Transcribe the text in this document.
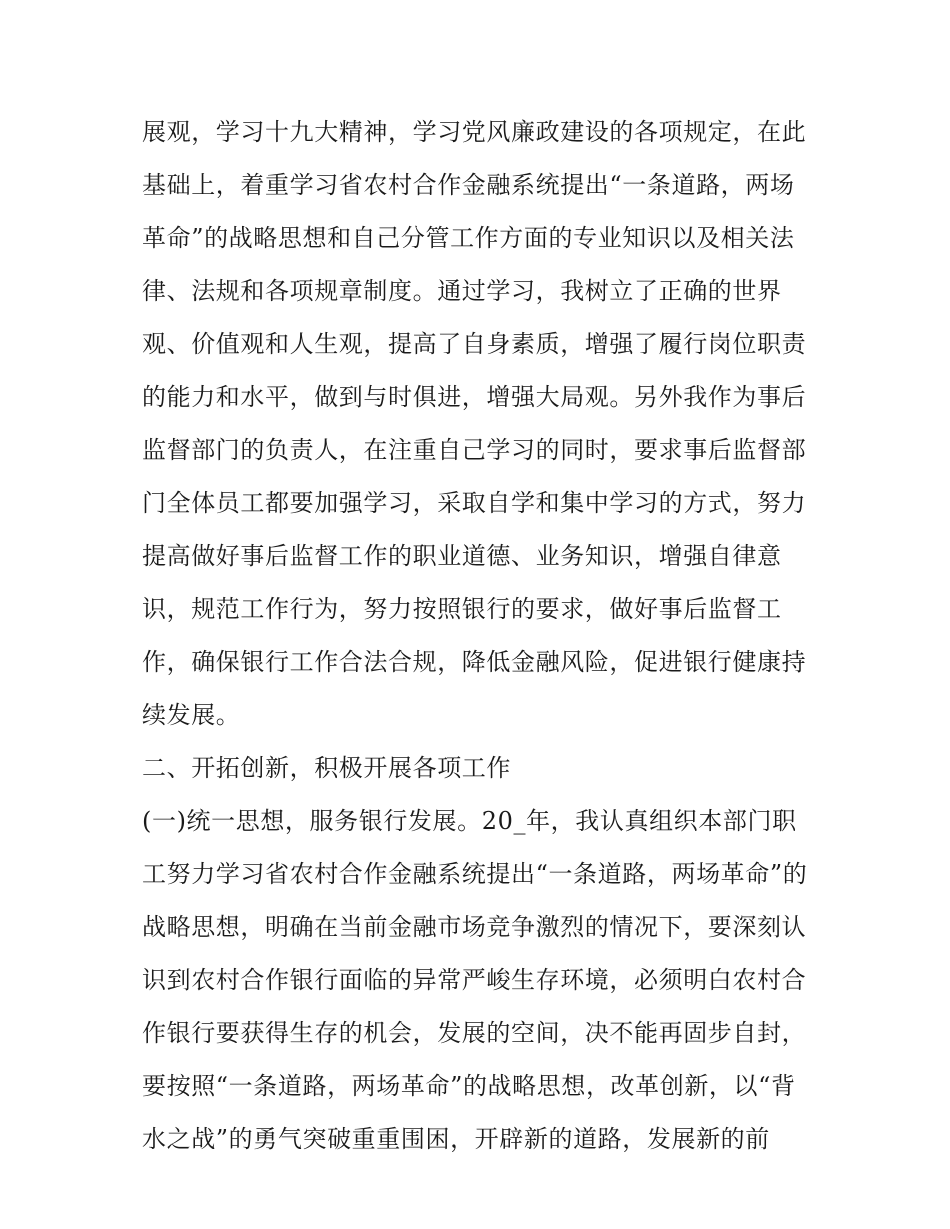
展观，学习十九大精神，学习党风廉政建设的各项规定，在此
基础上，着重学习省农村合作金融系统提出“一条道路，两场
革命”的战略思想和自己分管工作方面的专业知识以及相关法
律、法规和各项规章制度。通过学习，我树立了正确的世界
观、价值观和人生观，提高了自身素质，增强了履行岗位职责
的能力和水平，做到与时俱进，增强大局观。另外我作为事后
监督部门的负责人，在注重自己学习的同时，要求事后监督部
门全体员工都要加强学习，采取自学和集中学习的方式，努力
提高做好事后监督工作的职业道德、业务知识，增强自律意
识，规范工作行为，努力按照银行的要求，做好事后监督工
作，确保银行工作合法合规，降低金融风险，促进银行健康持
续发展。
二、开拓创新，积极开展各项工作
(一)统一思想，服务银行发展。20_年，我认真组织本部门职
工努力学习省农村合作金融系统提出“一条道路，两场革命”的
战略思想，明确在当前金融市场竞争激烈的情况下，要深刻认
识到农村合作银行面临的异常严峻生存环境，必须明白农村合
作银行要获得生存的机会，发展的空间，决不能再固步自封，
要按照“一条道路，两场革命”的战略思想，改革创新，以“背
水之战”的勇气突破重重围困，开辟新的道路，发展新的前
